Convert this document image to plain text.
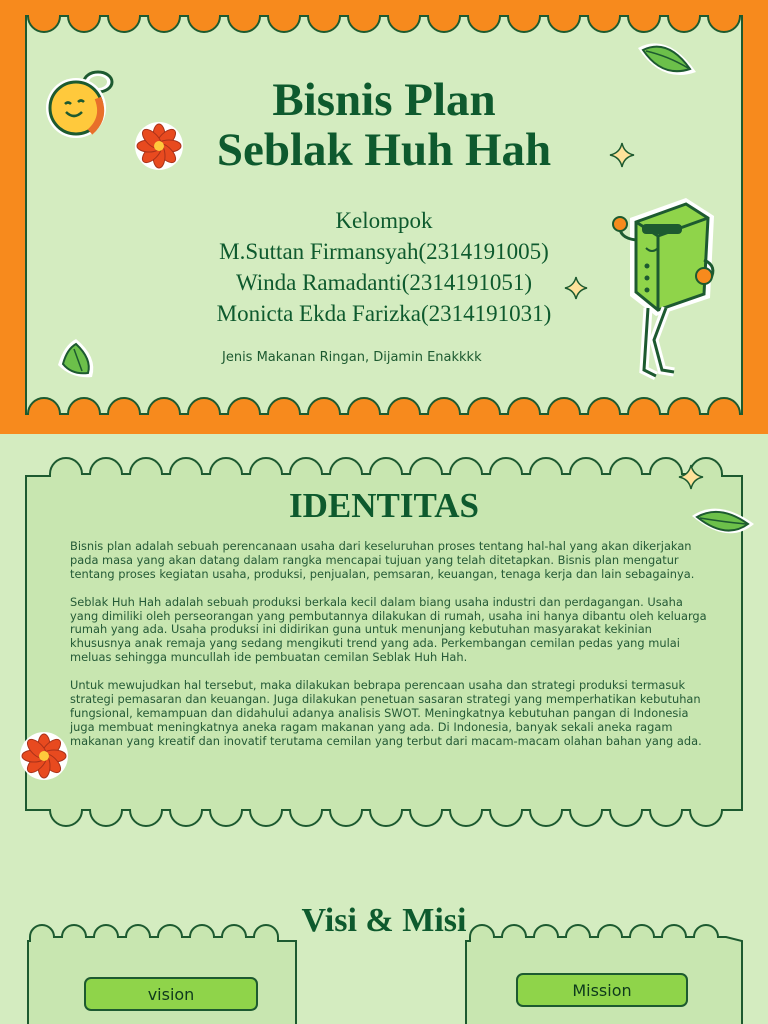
Bisnis Plan
Seblak Huh Hah
Kelompok
M.Suttan Firmansyah(2314191005)
Winda Ramadanti(2314191051)
Monicta Ekda Farizka(2314191031)

Jenis Makanan Ringan, Dijamin Enakkkk

IDENTITAS

Bisnis plan adalah sebuah perencanaan usaha dari keseluruhan proses tentang hal-hal yang akan dikerjakan pada masa yang akan datang dalam rangka mencapai tujuan yang telah ditetapkan. Bisnis plan mengatur tentang proses kegiatan usaha, produksi, penjualan, pemsaran, keuangan, tenaga kerja dan lain sebagainya.

Seblak Huh Hah adalah sebuah produksi berkala kecil dalam biang usaha industri dan perdagangan. Usaha yang dimiliki oleh perseorangan yang pembutannya dilakukan di rumah, usaha ini hanya dibantu oleh keluarga rumah yang ada. Usaha produksi ini didirikan guna untuk menunjang kebutuhan masyarakat kekinian khususnya anak remaja yang sedang mengikuti trend yang ada. Perkembangan cemilan pedas yang mulai meluas sehingga muncullah ide pembuatan cemilan Seblak Huh Hah.

Untuk mewujudkan hal tersebut, maka dilakukan bebrapa perencaan usaha dan strategi produksi termasuk strategi pemasaran dan keuangan. Juga dilakukan penetuan sasaran strategi yang memperhatikan kebutuhan fungsional, kemampuan dan didahului adanya analisis SWOT. Meningkatnya kebutuhan pangan di Indonesia juga membuat meningkatnya aneka ragam makanan yang ada. Di Indonesia, banyak sekali aneka ragam makanan yang kreatif dan inovatif terutama cemilan yang terbut dari macam-macam olahan bahan yang ada.

Visi & Misi
vision	Mission
